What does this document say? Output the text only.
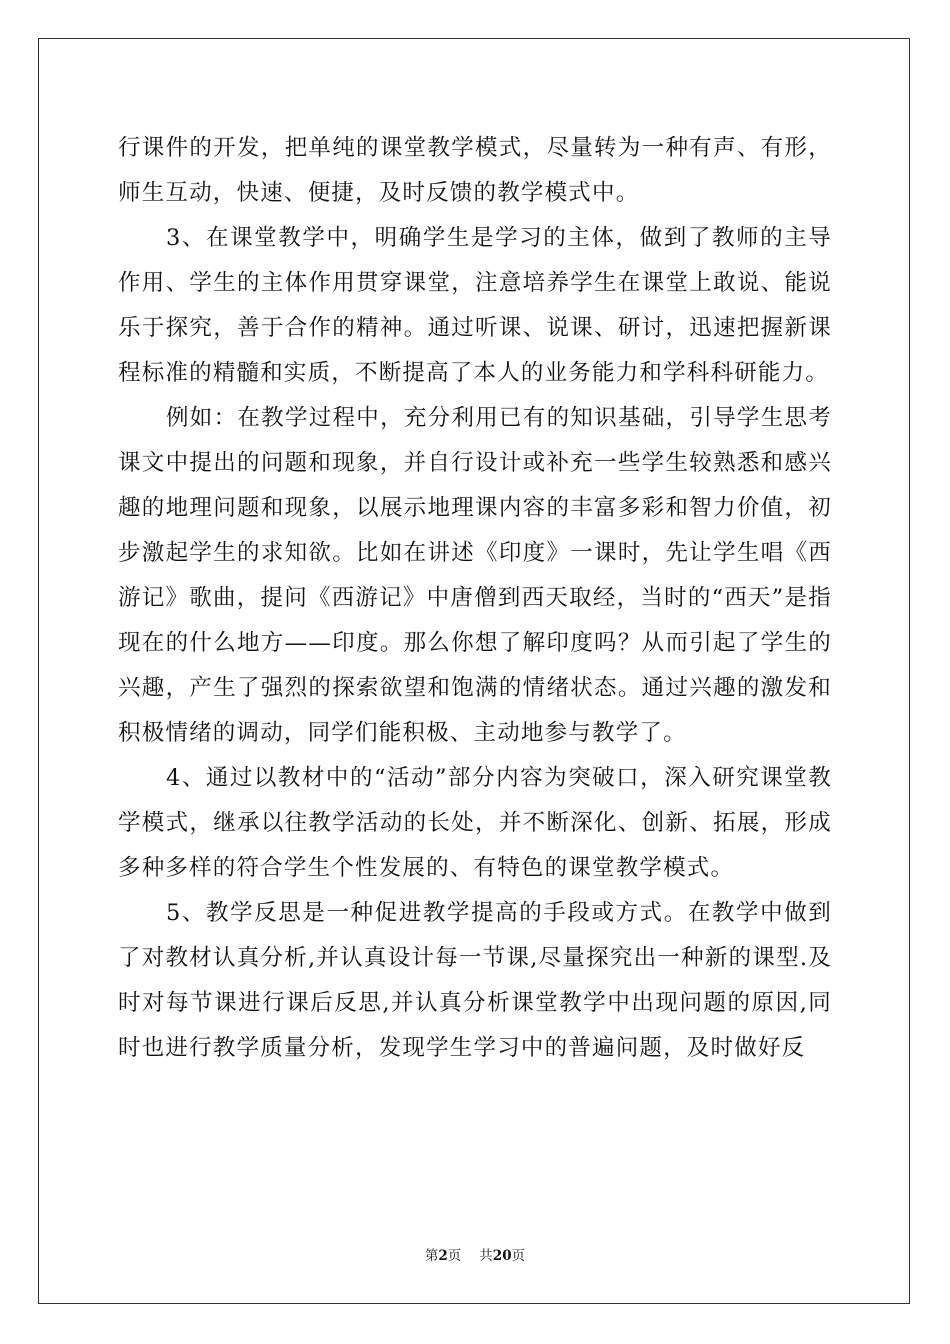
行课件的开发，把单纯的课堂教学模式，尽量转为一种有声、有形，师生互动，快速、便捷，及时反馈的教学模式中。

3、在课堂教学中，明确学生是学习的主体，做到了教师的主导作用、学生的主体作用贯穿课堂，注意培养学生在课堂上敢说、能说乐于探究，善于合作的精神。通过听课、说课、研讨，迅速把握新课程标准的精髓和实质，不断提高了本人的业务能力和学科科研能力。

例如：在教学过程中，充分利用已有的知识基础，引导学生思考课文中提出的问题和现象，并自行设计或补充一些学生较熟悉和感兴趣的地理问题和现象，以展示地理课内容的丰富多彩和智力价值，初步激起学生的求知欲。比如在讲述《印度》一课时，先让学生唱《西游记》歌曲，提问《西游记》中唐僧到西天取经，当时的“西天”是指现在的什么地方——印度。那么你想了解印度吗？从而引起了学生的兴趣，产生了强烈的探索欲望和饱满的情绪状态。通过兴趣的激发和积极情绪的调动，同学们能积极、主动地参与教学了。

4、通过以教材中的“活动”部分内容为突破口，深入研究课堂教学模式，继承以往教学活动的长处，并不断深化、创新、拓展，形成多种多样的符合学生个性发展的、有特色的课堂教学模式。

5、教学反思是一种促进教学提高的手段或方式。在教学中做到了对教材认真分析,并认真设计每一节课,尽量探究出一种新的课型.及时对每节课进行课后反思,并认真分析课堂教学中出现问题的原因,同时也进行教学质量分析，发现学生学习中的普遍问题，及时做好反

第2页 共20页
